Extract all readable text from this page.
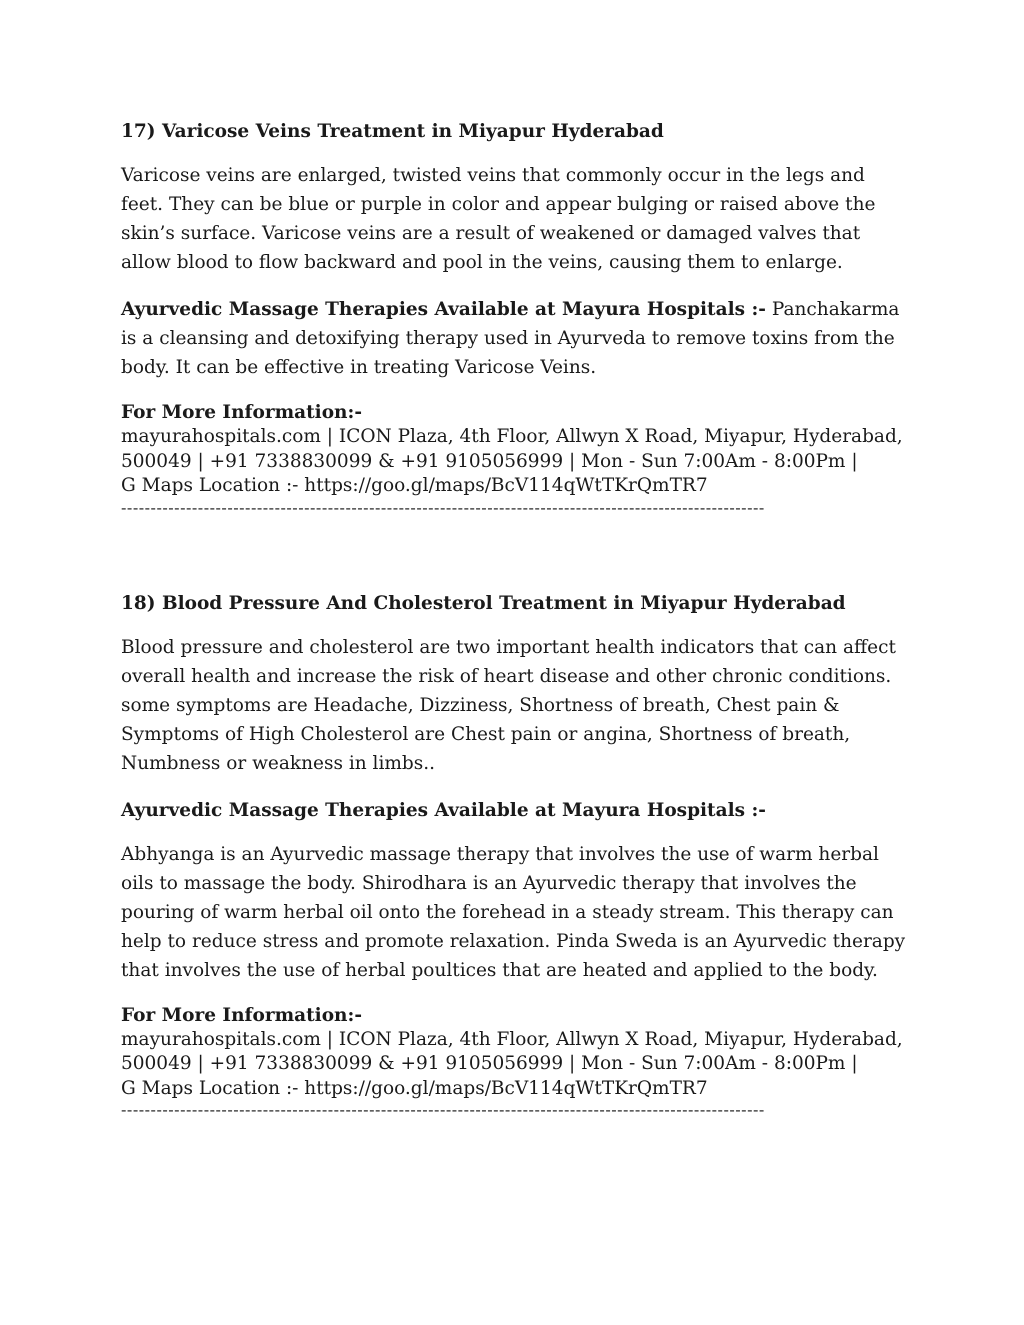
17) Varicose Veins Treatment in Miyapur Hyderabad

Varicose veins are enlarged, twisted veins that commonly occur in the legs and feet. They can be blue or purple in color and appear bulging or raised above the skin’s surface. Varicose veins are a result of weakened or damaged valves that allow blood to flow backward and pool in the veins, causing them to enlarge.

Ayurvedic Massage Therapies Available at Mayura Hospitals :- Panchakarma is a cleansing and detoxifying therapy used in Ayurveda to remove toxins from the body. It can be effective in treating Varicose Veins.

For More Information:-
mayurahospitals.com | ICON Plaza, 4th Floor, Allwyn X Road, Miyapur, Hyderabad,
500049 | +91 7338830099 & +91 9105056999 | Mon - Sun 7:00Am - 8:00Pm |
G Maps Location :- https://goo.gl/maps/BcV114qWtTKrQmTR7
-------------------------------------------------------------------------------------------------------------
18) Blood Pressure And Cholesterol Treatment in Miyapur Hyderabad

Blood pressure and cholesterol are two important health indicators that can affect overall health and increase the risk of heart disease and other chronic conditions. some symptoms are Headache, Dizziness, Shortness of breath, Chest pain & Symptoms of High Cholesterol are Chest pain or angina, Shortness of breath, Numbness or weakness in limbs..

Ayurvedic Massage Therapies Available at Mayura Hospitals :-

Abhyanga is an Ayurvedic massage therapy that involves the use of warm herbal oils to massage the body. Shirodhara is an Ayurvedic therapy that involves the pouring of warm herbal oil onto the forehead in a steady stream. This therapy can help to reduce stress and promote relaxation. Pinda Sweda is an Ayurvedic therapy that involves the use of herbal poultices that are heated and applied to the body.

For More Information:-
mayurahospitals.com | ICON Plaza, 4th Floor, Allwyn X Road, Miyapur, Hyderabad,
500049 | +91 7338830099 & +91 9105056999 | Mon - Sun 7:00Am - 8:00Pm |
G Maps Location :- https://goo.gl/maps/BcV114qWtTKrQmTR7
-------------------------------------------------------------------------------------------------------------
